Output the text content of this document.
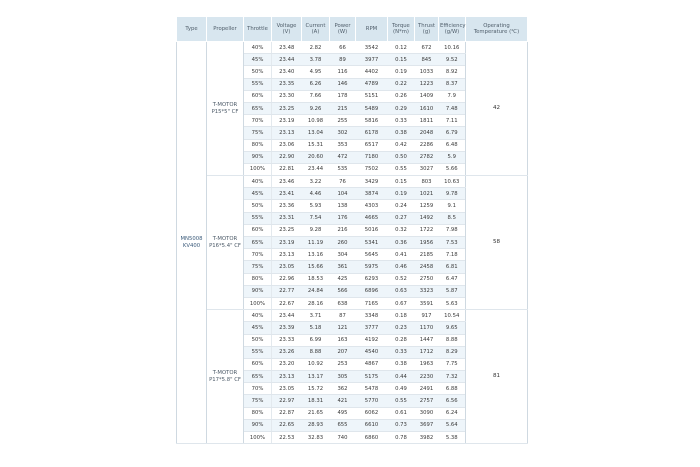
Type	Propeller	Throttle	Voltage (V)	Current (A)	Power (W)	RPM	Torque (N*m)	Thrust (g)	Efficiency (g/W)	Operating Temperature (℃)
MN5008 KV400	T-MOTOR P15*5" CF	40%	23.48	2.82	66	3542	0.12	672	10.16	42
		45%	23.44	3.78	89	3977	0.15	845	9.52	
		50%	23.40	4.95	116	4402	0.19	1033	8.92	
		55%	23.35	6.26	146	4789	0.22	1223	8.37	
		60%	23.30	7.66	178	5151	0.26	1409	7.9	
		65%	23.25	9.26	215	5489	0.29	1610	7.48	
		70%	23.19	10.98	255	5816	0.33	1811	7.11	
		75%	23.13	13.04	302	6178	0.38	2048	6.79	
		80%	23.06	15.31	353	6517	0.42	2286	6.48	
		90%	22.90	20.60	472	7180	0.50	2782	5.9	
		100%	22.81	23.44	535	7502	0.55	3027	5.66	
	T-MOTOR P16*5.4" CF	40%	23.46	3.22	76	3429	0.15	803	10.63	58
		45%	23.41	4.46	104	3874	0.19	1021	9.78	
		50%	23.36	5.93	138	4303	0.24	1259	9.1	
		55%	23.31	7.54	176	4665	0.27	1492	8.5	
		60%	23.25	9.28	216	5016	0.32	1722	7.98	
		65%	23.19	11.19	260	5341	0.36	1956	7.53	
		70%	23.13	13.16	304	5645	0.41	2185	7.18	
		75%	23.05	15.66	361	5975	0.46	2458	6.81	
		80%	22.96	18.53	425	6293	0.52	2750	6.47	
		90%	22.77	24.84	566	6896	0.63	3323	5.87	
		100%	22.67	28.16	638	7165	0.67	3591	5.63	
	T-MOTOR P17*5.8" CF	40%	23.44	3.71	87	3348	0.18	917	10.54	81
		45%	23.39	5.18	121	3777	0.23	1170	9.65	
		50%	23.33	6.99	163	4192	0.28	1447	8.88	
		55%	23.26	8.88	207	4540	0.33	1712	8.29	
		60%	23.20	10.92	253	4867	0.38	1963	7.75	
		65%	23.13	13.17	305	5175	0.44	2230	7.32	
		70%	23.05	15.72	362	5478	0.49	2491	6.88	
		75%	22.97	18.31	421	5770	0.55	2757	6.56	
		80%	22.87	21.65	495	6062	0.61	3090	6.24	
		90%	22.65	28.93	655	6610	0.73	3697	5.64	
		100%	22.53	32.83	740	6860	0.78	3982	5.38	
